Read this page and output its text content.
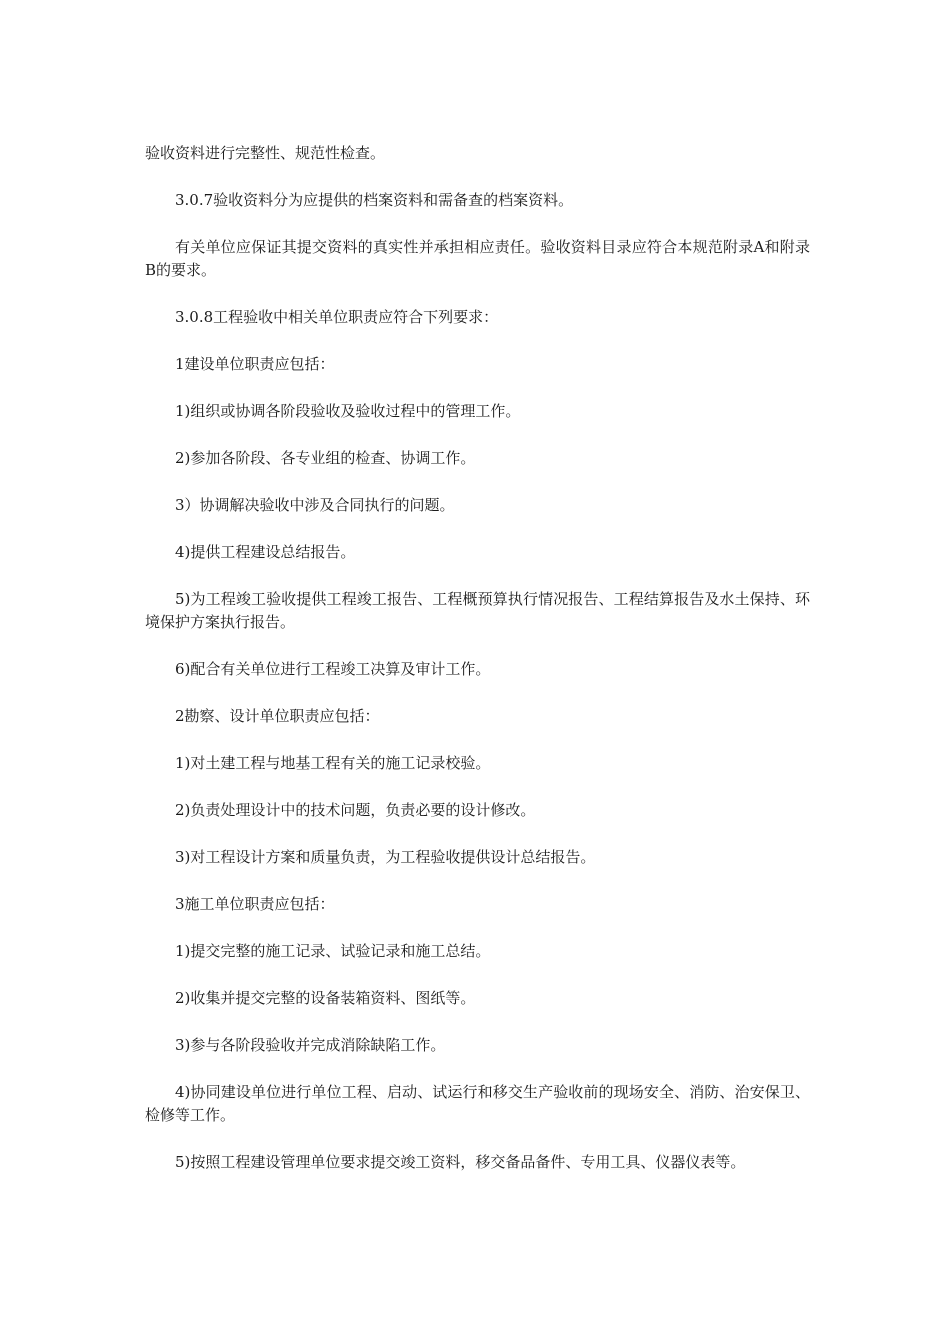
验收资料进行完整性、规范性检查。

3.0.7验收资料分为应提供的档案资料和需备查的档案资料。

有关单位应保证其提交资料的真实性并承担相应责任。验收资料目录应符合本规范附录A和附录B的要求。

3.0.8工程验收中相关单位职责应符合下列要求：

1建设单位职责应包括：

1)组织或协调各阶段验收及验收过程中的管理工作。

2)参加各阶段、各专业组的检查、协调工作。

3）协调解决验收中涉及合同执行的问题。

4)提供工程建设总结报告。

5)为工程竣工验收提供工程竣工报告、工程概预算执行情况报告、工程结算报告及水土保持、环境保护方案执行报告。

6)配合有关单位进行工程竣工决算及审计工作。

2勘察、设计单位职责应包括：

1)对土建工程与地基工程有关的施工记录校验。

2)负责处理设计中的技术问题，负责必要的设计修改。

3)对工程设计方案和质量负责，为工程验收提供设计总结报告。

3施工单位职责应包括：

1)提交完整的施工记录、试验记录和施工总结。

2)收集并提交完整的设备装箱资料、图纸等。

3)参与各阶段验收并完成消除缺陷工作。

4)协同建设单位进行单位工程、启动、试运行和移交生产验收前的现场安全、消防、治安保卫、检修等工作。

5)按照工程建设管理单位要求提交竣工资料，移交备品备件、专用工具、仪器仪表等。
